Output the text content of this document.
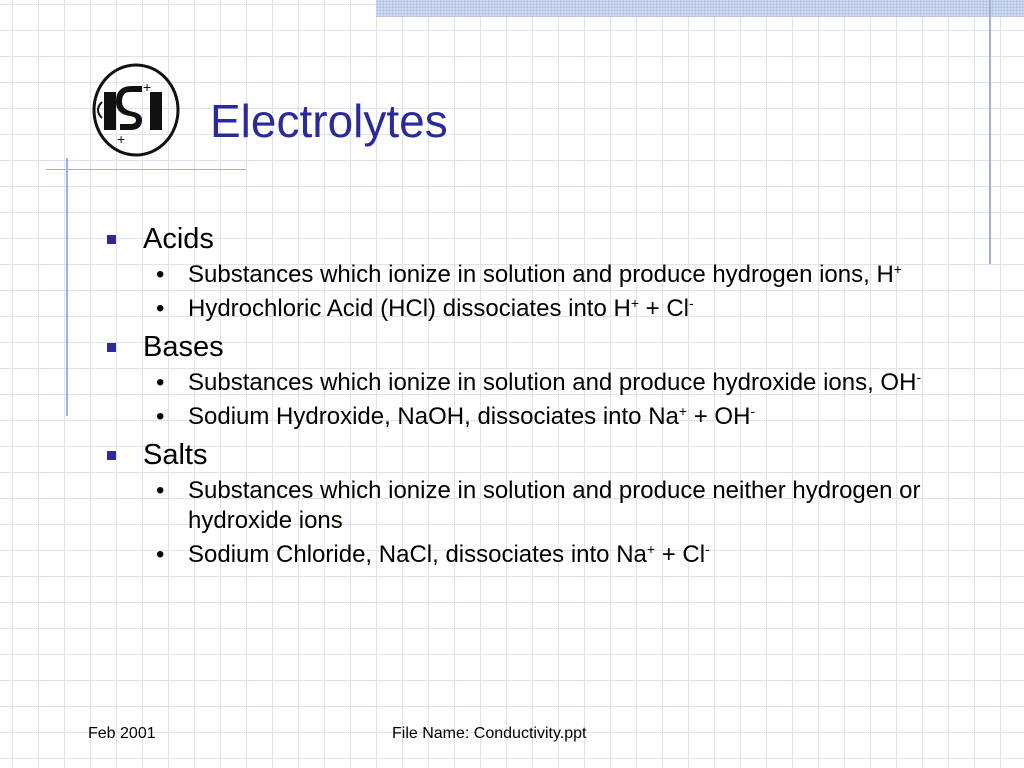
+
+
Electrolytes
Acids
• Substances which ionize in solution and produce hydrogen ions, H+
• Hydrochloric Acid (HCl) dissociates into H+ + Cl-
Bases
• Substances which ionize in solution and produce hydroxide ions, OH-
• Sodium Hydroxide, NaOH, dissociates into Na+ + OH-
Salts
• Substances which ionize in solution and produce neither hydrogen or hydroxide ions
• Sodium Chloride, NaCl, dissociates into Na+ + Cl-
Feb 2001	File Name: Conductivity.ppt
